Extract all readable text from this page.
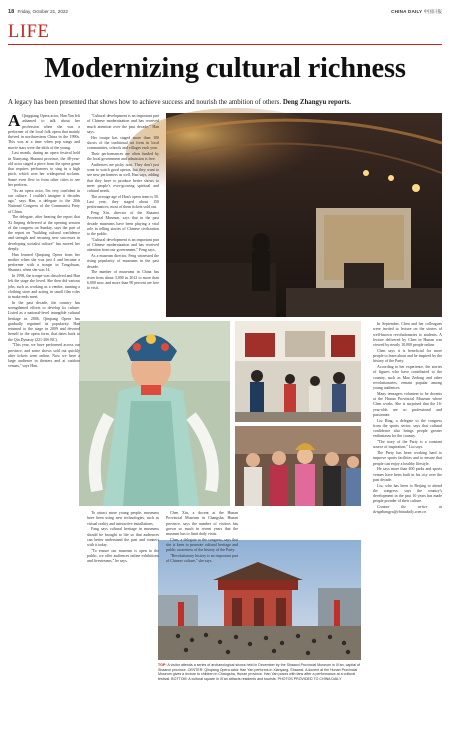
18 Friday, October 21, 2022	CHINA DAILY 中国日报
LIFE
Modernizing cultural richness
A legacy has been presented that shows how to achieve success and nourish the ambition of others. Deng Zhangyu reports.

A Qingqiang Opera actor, Han Yan felt ashamed to talk about her profession when she was a performer of the local folk opera that mainly thrived in northwestern China in the 1990s. This was at a time when pop songs and movie stars were the idols of the young.

Last month, during an opera festival held in Xianyang, Shaanxi province, the 48-year-old actor staged a piece from the opera genre that requires performers to sing in a high pitch, which won her widespread acclaim. Some even flew in from other cities to see her perform.

"As an opera actor, I'm very confident in our culture. I couldn't imagine it decades ago," says Han, a delegate to the 20th National Congress of the Communist Party of China.

The delegate, after hearing the report that Xi Jinping delivered at the opening session of the congress on Sunday, says the part of the report on "building cultural confidence and strength and securing new successes in developing socialist culture" has moved her deeply.

Han learned Qinqiang Opera from her mother when she was just 4 and became a performer with a troupe in Tongchuan, Shaanxi, when she was 14.

In 1998, the troupe was dissolved and Han left the stage she loved. She then did various jobs, such as working as a vendor, running a clothing store and acting in small film roles to make ends meet.

In the past decade, the country has strengthened efforts to develop its culture. Listed as a national-level intangible cultural heritage in 2006, Qinqiang Opera has gradually regained its popularity. Han returned to the stage in 2009 and devoted herself to the opera form, that dates back to the Qin Dynasty (221-206 BC).

"This year, we have performed across our province, and some shows sold out quickly after tickets went online. Now we have a large audience in theaters and at outdoor venues," says Han.

"Cultural development is an important part of Chinese modernization and has received much attention over the past decade," Han says.

Her troupe has staged more than 100 shows of the traditional art form in local communities, schools and villages each year.

Their performances are often funded by the local government and admission is free.

Audiences are picky now. They don't just want to watch good operas, but they want to see new performers as well, Han says, adding that they have to produce better shows to meet people's ever-growing spiritual and cultural needs.

The average age of Han's opera team is 50. Last year, they staged about 150 performances, most of them tickets sold out.

Feng Xin, director of the Shaanxi Provincial Museum, says that in the past decade museums have been playing a vital role in telling stories of Chinese civilization to the public.

"Cultural development is an important part of Chinese modernization and has received attention from our government," Feng says.

As a museum director, Feng witnessed the rising popularity of museums in the past decade.

The number of museums in China has risen from about 3,000 in 2012 to more than 6,000 now, and more than 90 percent are free to visit.

To attract more young people, museums have been using new technologies, such as virtual reality and interactive installations.

Fang says cultural heritage in museums should be brought to life so that audiences can better understand the past and connect with it today.

"To ensure our museum is open to the public, we offer audiences online exhibitions and livestreams," he says.

Chen Xin, a docent at the Hunan Provincial Museum in Changsha, Hunan province, says the number of visitors has grown so much in recent years that the museum has to limit daily visits.

Chen, a delegate to the congress, says that she is keen to promote cultural heritage and public awareness of the history of the Party.

"Revolutionary history is an important part of Chinese culture," she says.

In September, Chen and her colleagues were invited to lecture on the stories of well-known revolutionaries to students. A lecture delivered by Chen in Hunan was viewed by nearly 10,000 people online.

Chen says it is beneficial for more people to learn about and be inspired by the history of the Party.

According to her experience, the stories of figures who have contributed to the country, such as Mao Zedong and other revolutionaries, remain popular among young audiences.

Many teenagers volunteer to be docents at the Hunan Provincial Museum where Chen works. She is surprised that the 16-year-olds are so professional and passionate.

Liu Bing, a delegate to the congress from the sports sector, says that cultural confidence also brings people greater enthusiasm for the country.

"The story of the Party is a constant source of inspiration," Liu says.

The Party has been working hard to improve sports facilities and to ensure that people can enjoy a healthy lifestyle.

He says more than 400 parks and sports venues have been built in his city over the past decade.

Liu, who has been to Beijing to attend the congress, says the country's development in the past 10 years has made people prouder of their culture.

Contact the writer at dengzhangyu@chinadaily.com.cn

TOP: A visitor attends a series of archaeological shows held in December by the Shaanxi Provincial Museum in Xi'an, capital of Shaanxi province. CENTER: Qinqiang Opera actor Han Yan performs in Xianyang, Shaanxi. A docent at the Hunan Provincial Museum gives a lecture to children in Changsha, Hunan province. Han Yan poses with fans after a performance at a cultural festival. BOTTOM: A cultural square in Xi'an attracts residents and tourists. PHOTOS PROVIDED TO CHINA DAILY
